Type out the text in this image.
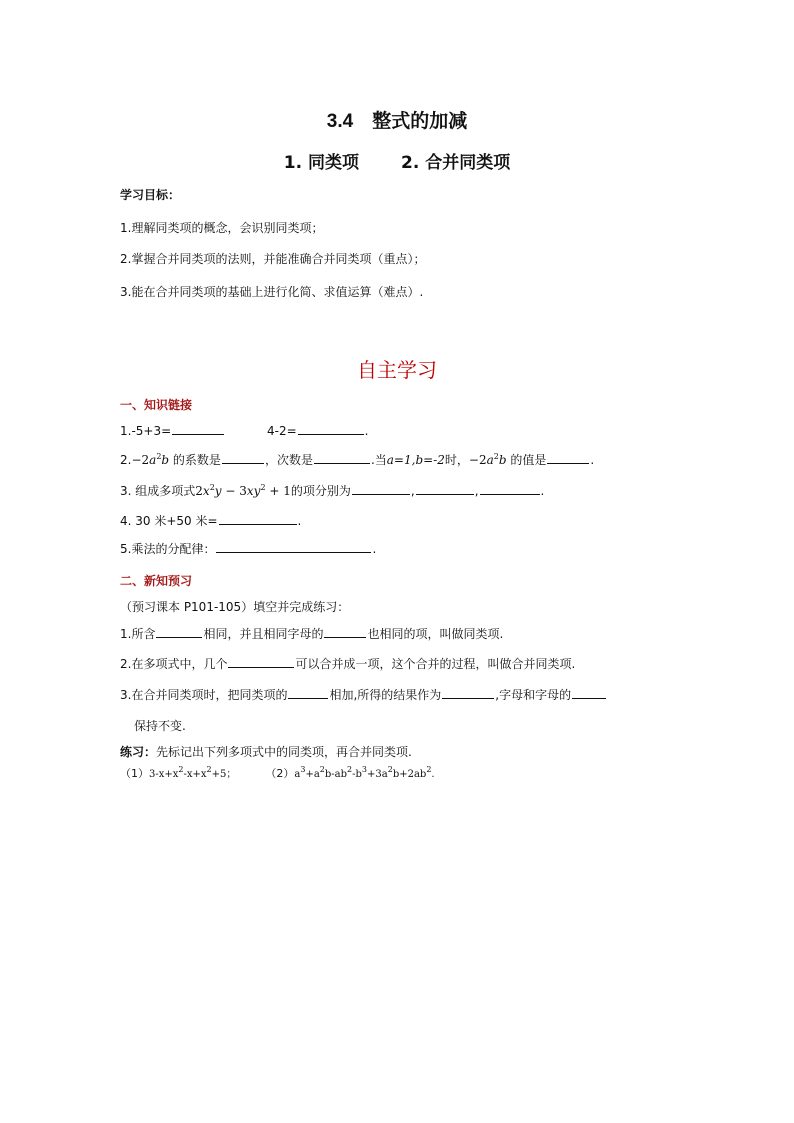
3.4　整式的加减
1. 同类项 2. 合并同类项
学习目标：
1.理解同类项的概念，会识别同类项；
2.掌握合并同类项的法则，并能准确合并同类项（重点）；
3.能在合并同类项的基础上进行化简、求值运算（难点）.
自主学习
一、知识链接
1.-5+3=	4-2=	.
$2.-2a^2b$ 的系数是	，次数是	.当a=1,b=-2时，$-2a^2b$ 的值是	.
3. 组成多项式$2x^2y - 3xy^2 + 1$的项分别为	,	,	.
4. 30 米+50 米=	.
5.乘法的分配律：	.
二、新知预习
（预习课本 P101-105）填空并完成练习：
1.所含	相同，并且相同字母的	也相同的项，叫做同类项.
2.在多项式中，几个	可以合并成一项，这个合并的过程，叫做合并同类项.
3.在合并同类项时，把同类项的	相加,所得的结果作为	,字母和字母的
保持不变.
练习：先标记出下列多项式中的同类项，再合并同类项.
$(1)3-x+x^2-x+x^2+5$；	$(2)a^3+a^2b-ab^2-b^3+3a^2b+2ab^2$.
